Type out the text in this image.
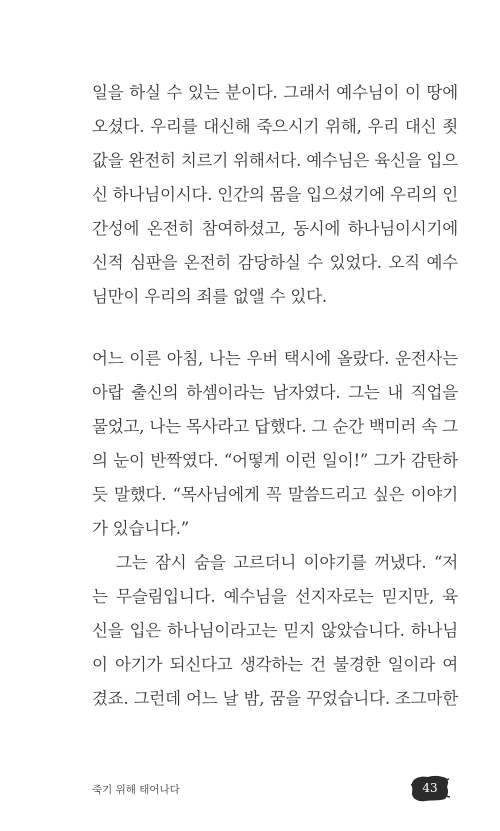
일을 하실 수 있는 분이다. 그래서 예수님이 이 땅에
오셨다. 우리를 대신해 죽으시기 위해, 우리 대신 죗
값을 완전히 치르기 위해서다. 예수님은 육신을 입으
신 하나님이시다. 인간의 몸을 입으셨기에 우리의 인
간성에 온전히 참여하셨고, 동시에 하나님이시기에
신적 심판을 온전히 감당하실 수 있었다. 오직 예수
님만이 우리의 죄를 없앨 수 있다.
어느 이른 아침, 나는 우버 택시에 올랐다. 운전사는
아랍 출신의 하셈이라는 남자였다. 그는 내 직업을
물었고, 나는 목사라고 답했다. 그 순간 백미러 속 그
의 눈이 반짝였다. “어떻게 이런 일이!” 그가 감탄하
듯 말했다. “목사님에게 꼭 말씀드리고 싶은 이야기
가 있습니다.”
그는 잠시 숨을 고르더니 이야기를 꺼냈다. “저
는 무슬림입니다. 예수님을 선지자로는 믿지만, 육
신을 입은 하나님이라고는 믿지 않았습니다. 하나님
이 아기가 되신다고 생각하는 건 불경한 일이라 여
겼죠. 그런데 어느 날 밤, 꿈을 꾸었습니다. 조그마한
죽기 위해 태어나다	43
